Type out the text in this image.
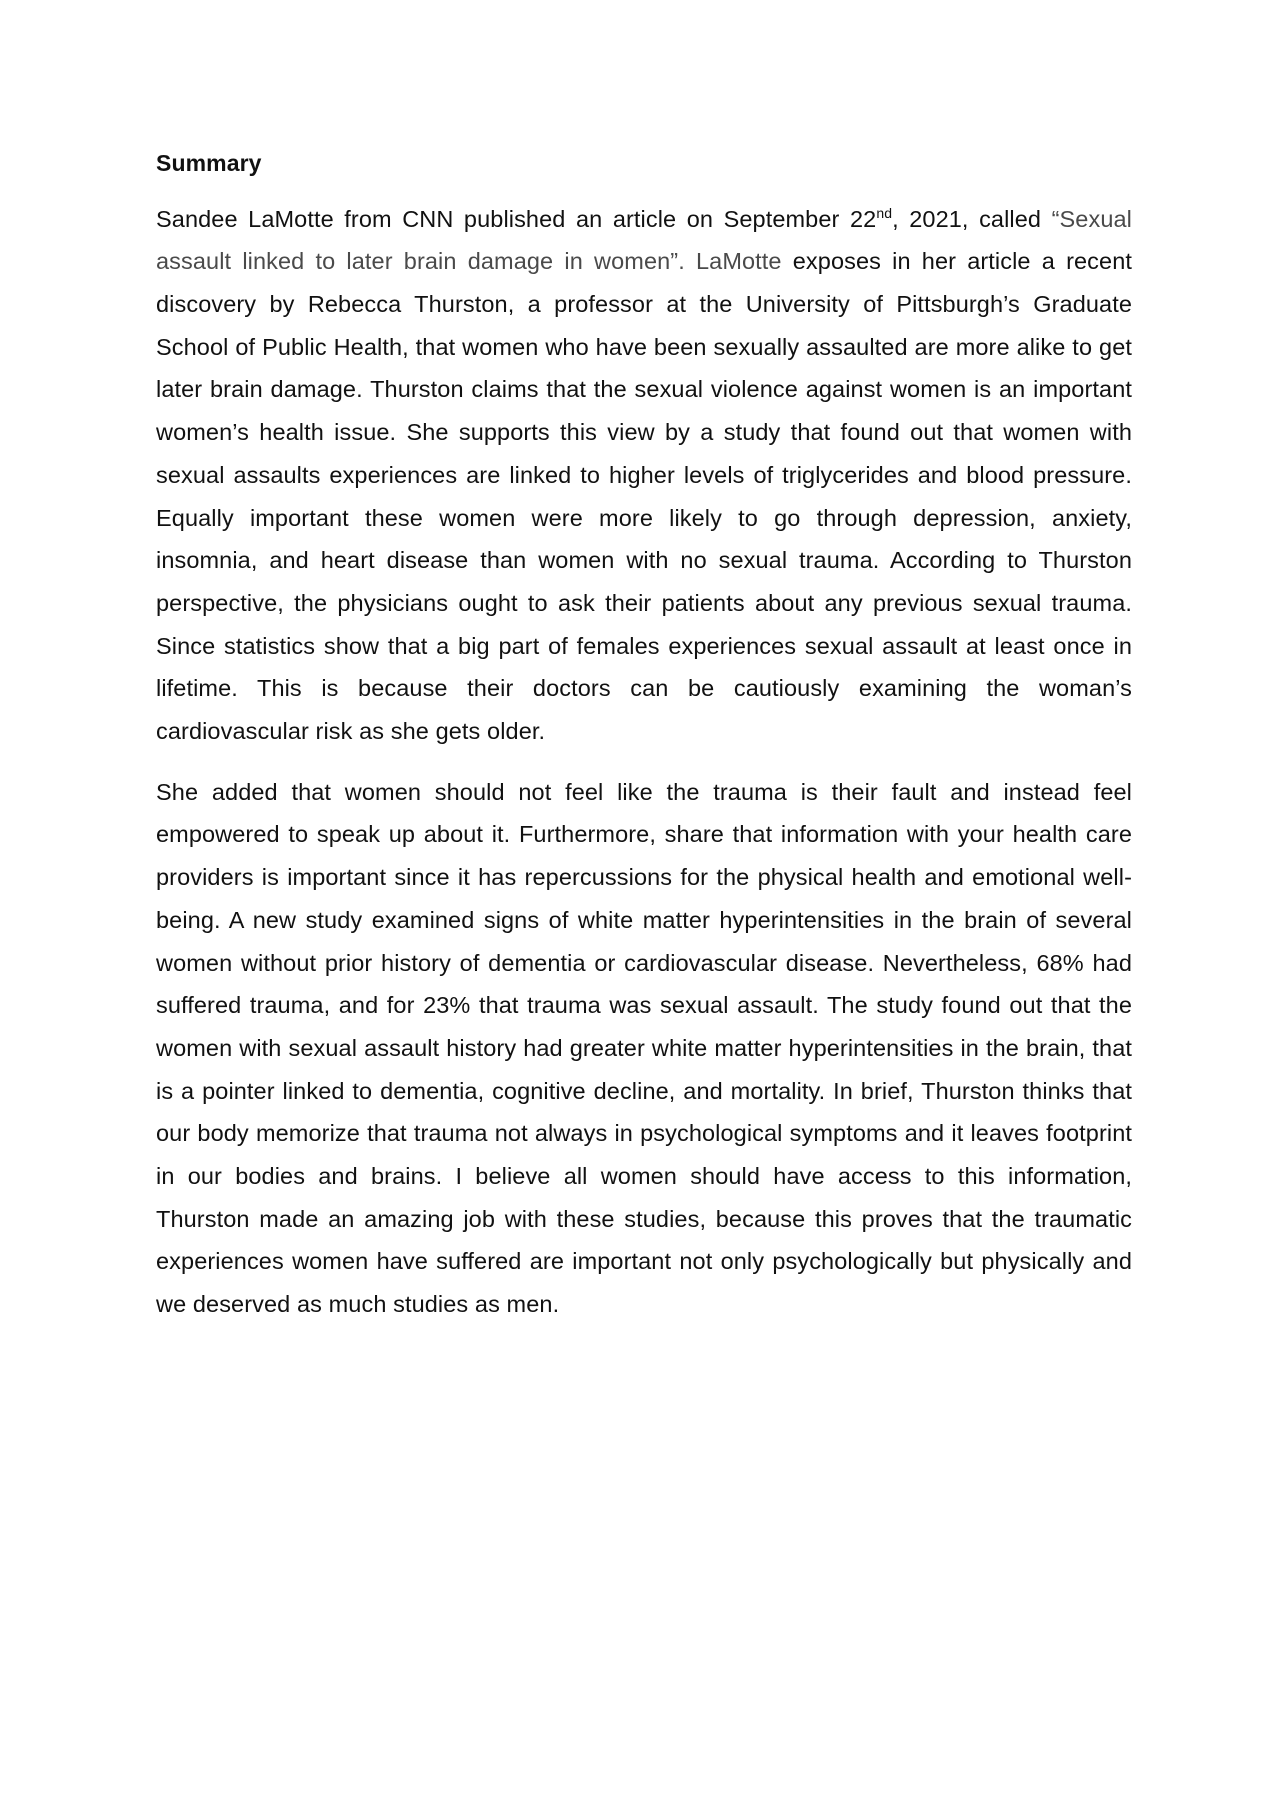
Summary

Sandee LaMotte from CNN published an article on September 22nd, 2021, called “Sexual assault linked to later brain damage in women”. LaMotte exposes in her article a recent discovery by Rebecca Thurston, a professor at the University of Pittsburgh’s Graduate School of Public Health, that women who have been sexually assaulted are more alike to get later brain damage. Thurston claims that the sexual violence against women is an important women’s health issue. She supports this view by a study that found out that women with sexual assaults experiences are linked to higher levels of triglycerides and blood pressure. Equally important these women were more likely to go through depression, anxiety, insomnia, and heart disease than women with no sexual trauma. According to Thurston perspective, the physicians ought to ask their patients about any previous sexual trauma. Since statistics show that a big part of females experiences sexual assault at least once in lifetime. This is because their doctors can be cautiously examining the woman’s cardiovascular risk as she gets older.

She added that women should not feel like the trauma is their fault and instead feel empowered to speak up about it. Furthermore, share that information with your health care providers is important since it has repercussions for the physical health and emotional well-being. A new study examined signs of white matter hyperintensities in the brain of several women without prior history of dementia or cardiovascular disease. Nevertheless, 68% had suffered trauma, and for 23% that trauma was sexual assault. The study found out that the women with sexual assault history had greater white matter hyperintensities in the brain, that is a pointer linked to dementia, cognitive decline, and mortality. In brief, Thurston thinks that our body memorize that trauma not always in psychological symptoms and it leaves footprint in our bodies and brains. I believe all women should have access to this information, Thurston made an amazing job with these studies, because this proves that the traumatic experiences women have suffered are important not only psychologically but physically and we deserved as much studies as men.
